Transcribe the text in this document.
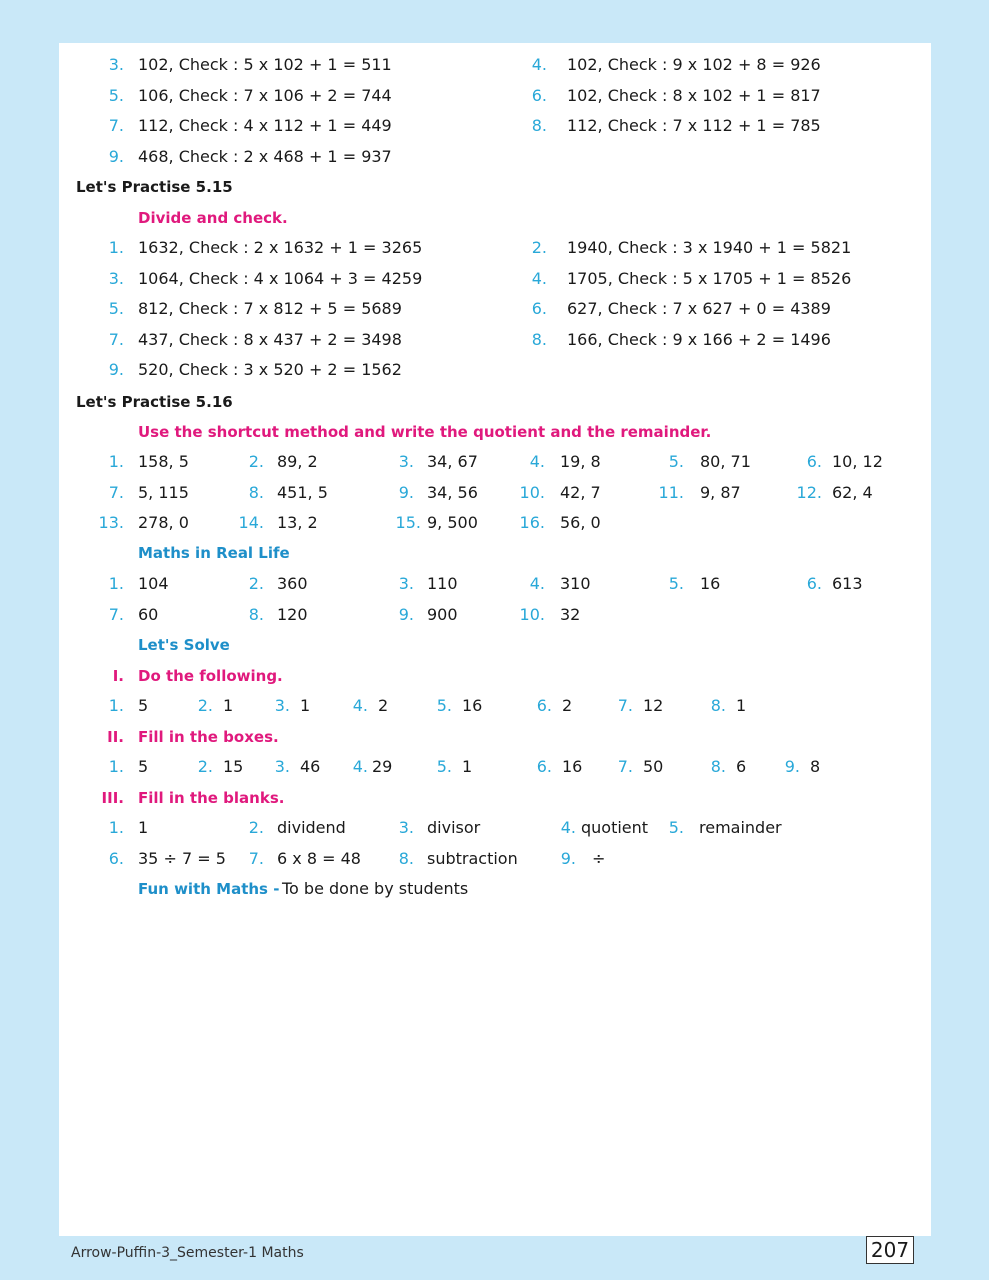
3. 102, Check : 5 x 102 + 1 = 511	4. 102, Check : 9 x 102 + 8 = 926
5. 106, Check : 7 x 106 + 2 = 744	6. 102, Check : 8 x 102 + 1 = 817
7. 112, Check : 4 x 112 + 1 = 449	8. 112, Check : 7 x 112 + 1 = 785
9. 468, Check : 2 x 468 + 1 = 937
Let's Practise 5.15
Divide and check.
1. 1632, Check : 2 x 1632 + 1 = 3265	2. 1940, Check : 3 x 1940 + 1 = 5821
3. 1064, Check : 4 x 1064 + 3 = 4259	4. 1705, Check : 5 x 1705 + 1 = 8526
5. 812, Check : 7 x 812 + 5 = 5689	6. 627, Check : 7 x 627 + 0 = 4389
7. 437, Check : 8 x 437 + 2 = 3498	8. 166, Check : 9 x 166 + 2 = 1496
9. 520, Check : 3 x 520 + 2 = 1562
Let's Practise 5.16
Use the shortcut method and write the quotient and the remainder.
1. 158, 5	2. 89, 2	3. 34, 67	4. 19, 8	5. 80, 71	6. 10, 12
7. 5, 115	8. 451, 5	9. 34, 56	10. 42, 7	11. 9, 87	12. 62, 4
13. 278, 0	14. 13, 2	15. 9, 500	16. 56, 0
Maths in Real Life
1. 104	2. 360	3. 110	4. 310	5. 16	6. 613
7. 60	8. 120	9. 900	10. 32
Let's Solve
I. Do the following.
1. 5	2. 1	3. 1	4. 2	5. 16	6. 2	7. 12	8. 1
II. Fill in the boxes.
1. 5	2. 15 3. 46 4. 29	5. 1	6. 16 7. 50	8. 6 9. 8
III. Fill in the blanks.
1. 1	2. dividend	3. divisor	4. quotient 5. remainder
6. 35 ÷ 7 = 5 7. 6 x 8 = 48 8. subtraction	9. ÷
Fun with Maths - To be done by students
Arrow-Puffin-3_Semester-1 Maths	207
